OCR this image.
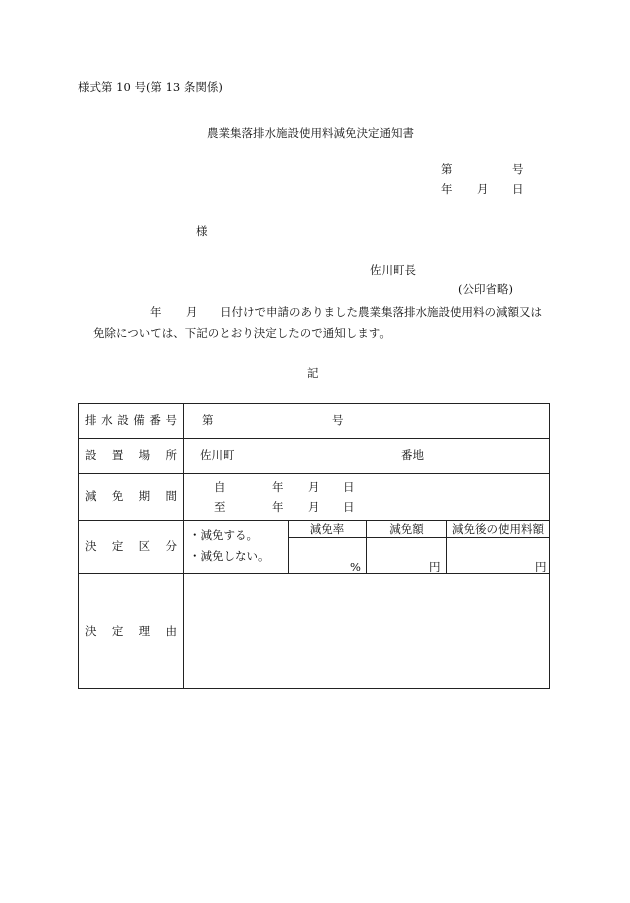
様式第 10 号(第 13 条関係)
農業集落排水施設使用料減免決定通知書
第	号
年 月 日
様
佐川町長
(公印省略)
年 月 日付けで申請のありました農業集落排水施設使用料の減額又は
免除については、下記のとおり決定したので通知します。
記
排水設備番号 第	号
設置場所 佐川町	番地
減免期間
自	年 月 日
至	年 月 日
決定区分
・減免する。
・減免しない。
減免率	減免額	減免後の使用料額
%	円	円
決定理由
